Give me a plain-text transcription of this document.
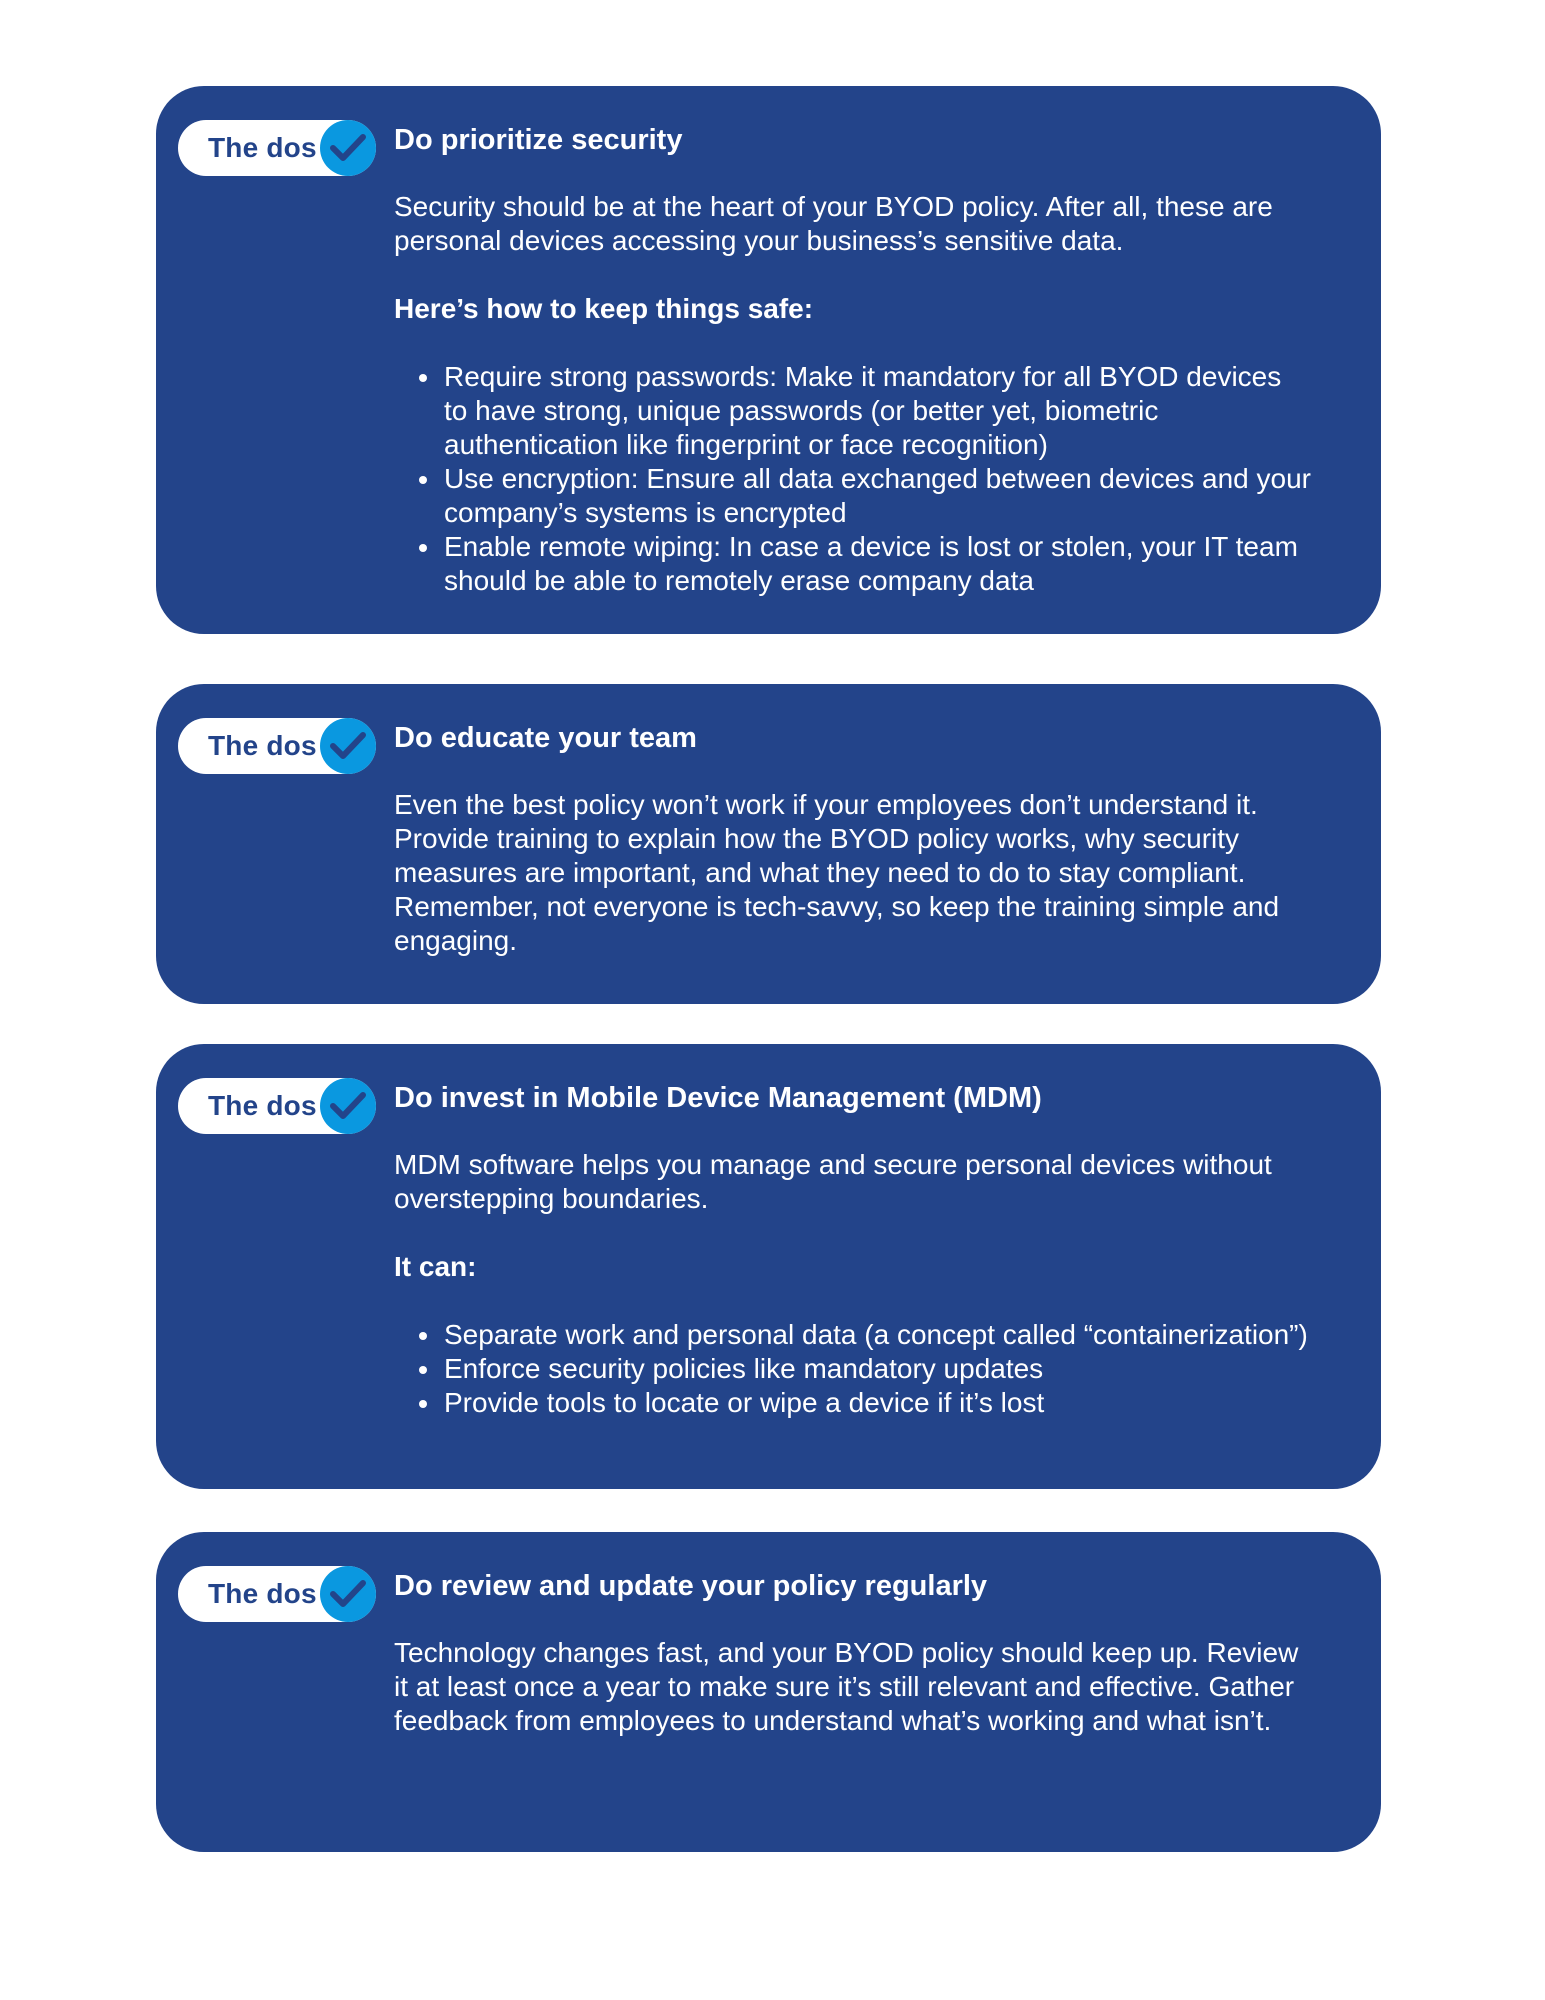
The dos	Do prioritize security
Security should be at the heart of your BYOD policy. After all, these are personal devices accessing your business’s sensitive data.
Here’s how to keep things safe:
• Require strong passwords: Make it mandatory for all BYOD devices to have strong, unique passwords (or better yet, biometric authentication like fingerprint or face recognition)
• Use encryption: Ensure all data exchanged between devices and your company’s systems is encrypted
• Enable remote wiping: In case a device is lost or stolen, your IT team should be able to remotely erase company data
The dos	Do educate your team
Even the best policy won’t work if your employees don’t understand it. Provide training to explain how the BYOD policy works, why security measures are important, and what they need to do to stay compliant. Remember, not everyone is tech-savvy, so keep the training simple and engaging.
The dos	Do invest in Mobile Device Management (MDM)
MDM software helps you manage and secure personal devices without overstepping boundaries.
It can:
• Separate work and personal data (a concept called “containerization”)
• Enforce security policies like mandatory updates
• Provide tools to locate or wipe a device if it’s lost
The dos	Do review and update your policy regularly
Technology changes fast, and your BYOD policy should keep up. Review it at least once a year to make sure it’s still relevant and effective. Gather feedback from employees to understand what’s working and what isn’t.
